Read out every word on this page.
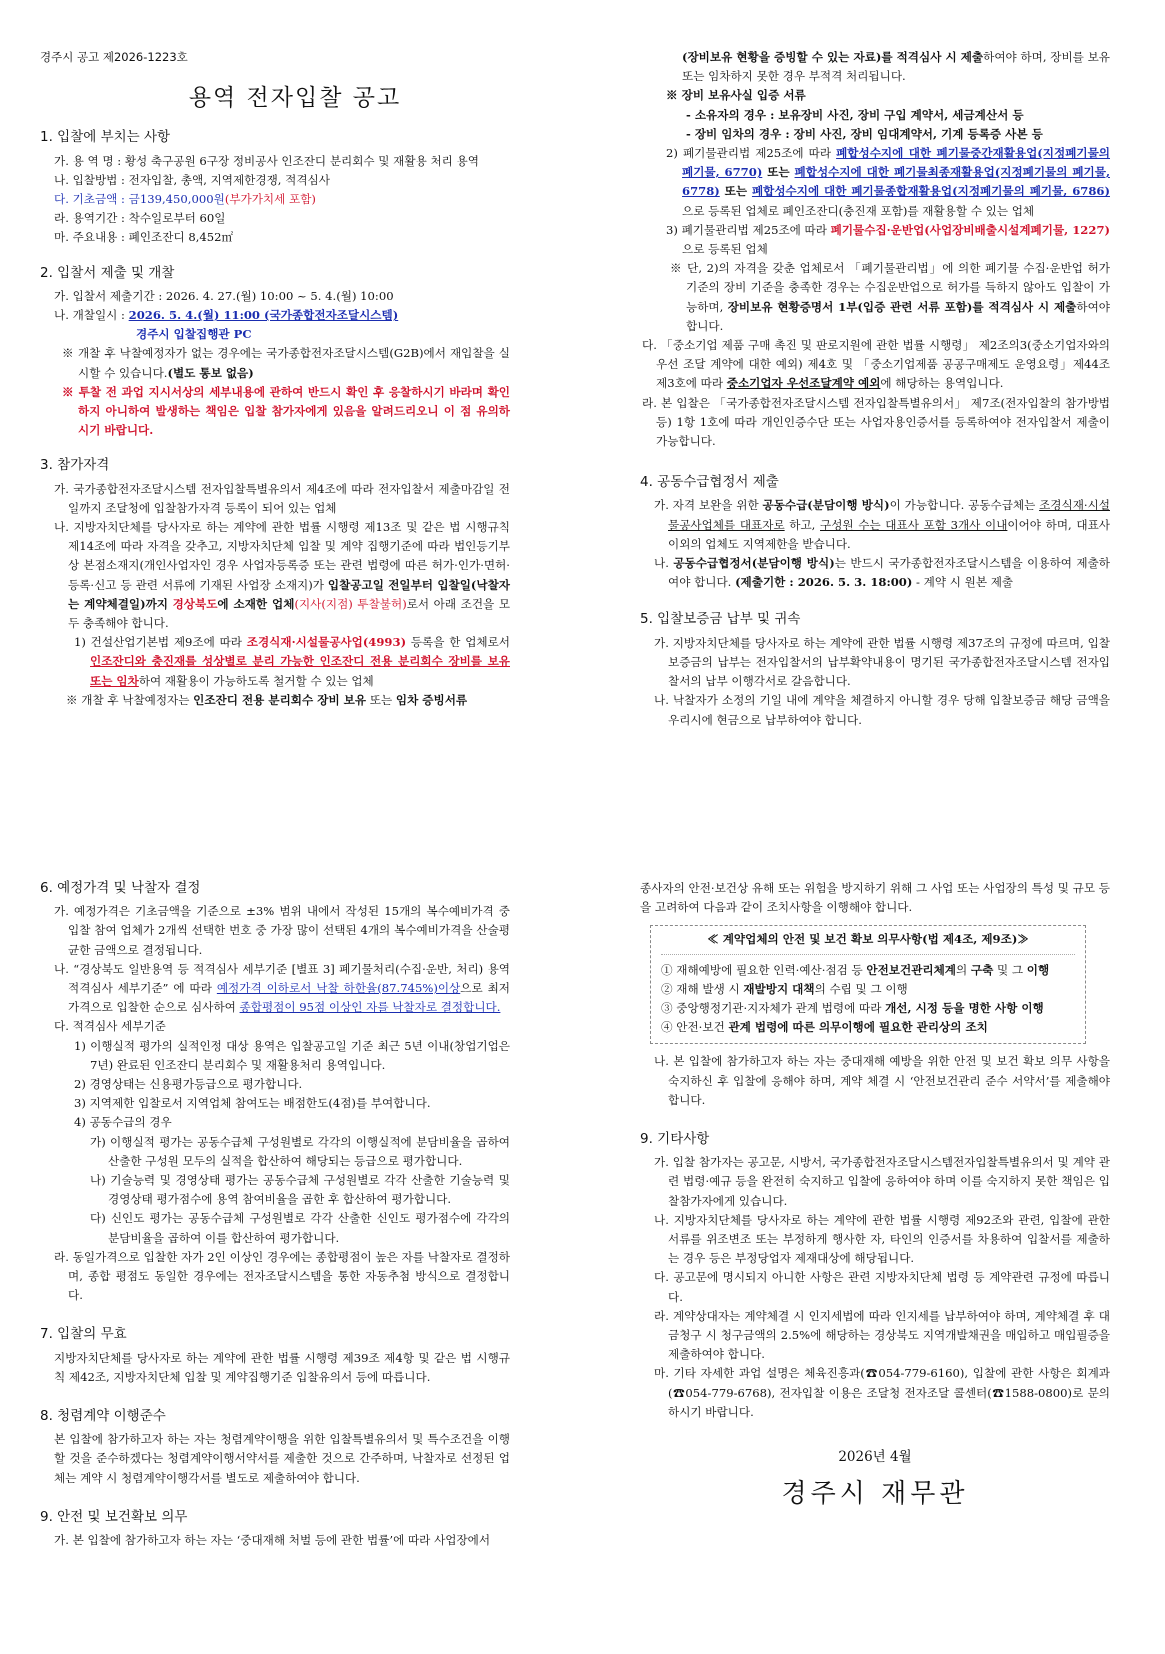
경주시 공고 제2026-1223호

용역 전자입찰 공고

1. 입찰에 부치는 사항

가. 용 역 명 : 황성 축구공원 6구장 정비공사 인조잔디 분리회수 및 재활용 처리 용역

나. 입찰방법 : 전자입찰, 총액, 지역제한경쟁, 적격심사

다. 기초금액 : 금139,450,000원(부가가치세 포함)

라. 용역기간 : 착수일로부터 60일

마. 주요내용 : 폐인조잔디 8,452㎡

2. 입찰서 제출 및 개찰

가. 입찰서 제출기간 : 2026. 4. 27.(월) 10:00 ~ 5. 4.(월) 10:00

나. 개찰일시 : 2026. 5. 4.(월) 11:00 (국가종합전자조달시스템)

경주시 입찰집행관 PC

※ 개찰 후 낙찰예정자가 없는 경우에는 국가종합전자조달시스템(G2B)에서 재입찰을 실시할 수 있습니다.(별도 통보 없음)

※ 투찰 전 과업 지시서상의 세부내용에 관하여 반드시 확인 후 응찰하시기 바라며 확인하지 아니하여 발생하는 책임은 입찰 참가자에게 있음을 알려드리오니 이 점 유의하시기 바랍니다.

3. 참가자격

가. 국가종합전자조달시스템 전자입찰특별유의서 제4조에 따라 전자입찰서 제출마감일 전일까지 조달청에 입찰참가자격 등록이 되어 있는 업체

나. 지방자치단체를 당사자로 하는 계약에 관한 법률 시행령 제13조 및 같은 법 시행규칙 제14조에 따라 자격을 갖추고, 지방자치단체 입찰 및 계약 집행기준에 따라 법인등기부상 본점소재지(개인사업자인 경우 사업자등록증 또는 관련 법령에 따른 허가·인가·면허·등록·신고 등 관련 서류에 기재된 사업장 소재지)가 입찰공고일 전일부터 입찰일(낙찰자는 계약체결일)까지 경상북도에 소재한 업체(지사(지점) 투찰불허)로서 아래 조건을 모두 충족해야 합니다.

1) 건설산업기본법 제9조에 따라 조경식재·시설물공사업(4993) 등록을 한 업체로서 인조잔디와 충진재를 성상별로 분리 가능한 인조잔디 전용 분리회수 장비를 보유 또는 임차하여 재활용이 가능하도록 철거할 수 있는 업체

※ 개찰 후 낙찰예정자는 인조잔디 전용 분리회수 장비 보유 또는 임차 증빙서류

(장비보유 현황을 증빙할 수 있는 자료)를 적격심사 시 제출하여야 하며, 장비를 보유 또는 임차하지 못한 경우 부적격 처리됩니다.

※ 장비 보유사실 입증 서류

- 소유자의 경우 : 보유장비 사진, 장비 구입 계약서, 세금계산서 등

- 장비 임차의 경우 : 장비 사진, 장비 임대계약서, 기계 등록증 사본 등

2) 폐기물관리법 제25조에 따라 폐합성수지에 대한 폐기물중간재활용업(지정폐기물의 폐기물, 6770) 또는 폐합성수지에 대한 폐기물최종재활용업(지정폐기물의 폐기물, 6778) 또는 폐합성수지에 대한 폐기물종합재활용업(지정폐기물의 폐기물, 6786)으로 등록된 업체로 폐인조잔디(충진재 포함)를 재활용할 수 있는 업체

3) 폐기물관리법 제25조에 따라 폐기물수집·운반업(사업장비배출시설계폐기물, 1227)으로 등록된 업체

※ 단, 2)의 자격을 갖춘 업체로서 「폐기물관리법」에 의한 폐기물 수집·운반업 허가 기준의 장비 기준을 충족한 경우는 수집운반업으로 허가를 득하지 않아도 입찰이 가능하며, 장비보유 현황증명서 1부(입증 관련 서류 포함)를 적격심사 시 제출하여야 합니다.

다. 「중소기업 제품 구매 촉진 및 판로지원에 관한 법률 시행령」 제2조의3(중소기업자와의 우선 조달 계약에 대한 예외) 제4호 및 「중소기업제품 공공구매제도 운영요령」제44조 제3호에 따라 중소기업자 우선조달계약 예외에 해당하는 용역입니다.

라. 본 입찰은 「국가종합전자조달시스템 전자입찰특별유의서」 제7조(전자입찰의 참가방법 등) 1항 1호에 따라 개인인증수단 또는 사업자용인증서를 등록하여야 전자입찰서 제출이 가능합니다.

4. 공동수급협정서 제출

가. 자격 보완을 위한 공동수급(분담이행 방식)이 가능합니다. 공동수급체는 조경식재·시설물공사업체를 대표자로 하고, 구성원 수는 대표사 포함 3개사 이내이어야 하며, 대표사 이외의 업체도 지역제한을 받습니다.

나. 공동수급협정서(분담이행 방식)는 반드시 국가종합전자조달시스템을 이용하여 제출하여야 합니다. (제출기한 : 2026. 5. 3. 18:00) - 계약 시 원본 제출

5. 입찰보증금 납부 및 귀속

가. 지방자치단체를 당사자로 하는 계약에 관한 법률 시행령 제37조의 규정에 따르며, 입찰보증금의 납부는 전자입찰서의 납부확약내용이 명기된 국가종합전자조달시스템 전자입찰서의 납부 이행각서로 갈음합니다.

나. 낙찰자가 소정의 기일 내에 계약을 체결하지 아니할 경우 당해 입찰보증금 해당 금액을 우리시에 현금으로 납부하여야 합니다.

6. 예정가격 및 낙찰자 결정

가. 예정가격은 기초금액을 기준으로 ±3% 범위 내에서 작성된 15개의 복수예비가격 중 입찰 참여 업체가 2개씩 선택한 번호 중 가장 많이 선택된 4개의 복수예비가격을 산술평균한 금액으로 결정됩니다.

나. “경상북도 일반용역 등 적격심사 세부기준 [별표 3] 폐기물처리(수집·운반, 처리) 용역 적격심사 세부기준” 에 따라 예정가격 이하로서 낙찰 하한율(87.745%)이상으로 최저가격으로 입찰한 순으로 심사하여 종합평점이 95점 이상인 자를 낙찰자로 결정합니다.

다. 적격심사 세부기준

1) 이행실적 평가의 실적인정 대상 용역은 입찰공고일 기준 최근 5년 이내(창업기업은 7년) 완료된 인조잔디 분리회수 및 재활용처리 용역입니다.

2) 경영상태는 신용평가등급으로 평가합니다.

3) 지역제한 입찰로서 지역업체 참여도는 배점한도(4점)를 부여합니다.

4) 공동수급의 경우

가) 이행실적 평가는 공동수급체 구성원별로 각각의 이행실적에 분담비율을 곱하여 산출한 구성원 모두의 실적을 합산하여 해당되는 등급으로 평가합니다.

나) 기술능력 및 경영상태 평가는 공동수급체 구성원별로 각각 산출한 기술능력 및 경영상태 평가점수에 용역 참여비율을 곱한 후 합산하여 평가합니다.

다) 신인도 평가는 공동수급체 구성원별로 각각 산출한 신인도 평가점수에 각각의 분담비율을 곱하여 이를 합산하여 평가합니다.

라. 동일가격으로 입찰한 자가 2인 이상인 경우에는 종합평점이 높은 자를 낙찰자로 결정하며, 종합 평점도 동일한 경우에는 전자조달시스템을 통한 자동추첨 방식으로 결정합니다.

7. 입찰의 무효

지방자치단체를 당사자로 하는 계약에 관한 법률 시행령 제39조 제4항 및 같은 법 시행규칙 제42조, 지방자치단체 입찰 및 계약집행기준 입찰유의서 등에 따릅니다.

8. 청렴계약 이행준수

본 입찰에 참가하고자 하는 자는 청렴계약이행을 위한 입찰특별유의서 및 특수조건을 이행할 것을 준수하겠다는 청렴계약이행서약서를 제출한 것으로 간주하며, 낙찰자로 선정된 업체는 계약 시 청렴계약이행각서를 별도로 제출하여야 합니다.

9. 안전 및 보건확보 의무

가. 본 입찰에 참가하고자 하는 자는 ‘중대재해 처벌 등에 관한 법률’에 따라 사업장에서

종사자의 안전·보건상 유해 또는 위험을 방지하기 위해 그 사업 또는 사업장의 특성 및 규모 등을 고려하여 다음과 같이 조치사항을 이행해야 합니다.

≪ 계약업체의 안전 및 보건 확보 의무사항(법 제4조, 제9조)≫

① 재해예방에 필요한 인력·예산·점검 등 안전보건관리체계의 구축 및 그 이행

② 재해 발생 시 재발방지 대책의 수립 및 그 이행

③ 중앙행정기관·지자체가 관계 법령에 따라 개선, 시정 등을 명한 사항 이행

④ 안전·보건 관계 법령에 따른 의무이행에 필요한 관리상의 조치

나. 본 입찰에 참가하고자 하는 자는 중대재해 예방을 위한 안전 및 보건 확보 의무 사항을 숙지하신 후 입찰에 응해야 하며, 계약 체결 시 ‘안전보건관리 준수 서약서’를 제출해야 합니다.

9. 기타사항

가. 입찰 참가자는 공고문, 시방서, 국가종합전자조달시스템전자입찰특별유의서 및 계약 관련 법령·예규 등을 완전히 숙지하고 입찰에 응하여야 하며 이를 숙지하지 못한 책임은 입찰참가자에게 있습니다.

나. 지방자치단체를 당사자로 하는 계약에 관한 법률 시행령 제92조와 관련, 입찰에 관한 서류를 위조변조 또는 부정하게 행사한 자, 타인의 인증서를 차용하여 입찰서를 제출하는 경우 등은 부정당업자 제재대상에 해당됩니다.

다. 공고문에 명시되지 아니한 사항은 관련 지방자치단체 법령 등 계약관련 규정에 따릅니다.

라. 계약상대자는 계약체결 시 인지세법에 따라 인지세를 납부하여야 하며, 계약체결 후 대금청구 시 청구금액의 2.5%에 해당하는 경상북도 지역개발채권을 매입하고 매입필증을 제출하여야 합니다.

마. 기타 자세한 과업 설명은 체육진흥과(☎054-779-6160), 입찰에 관한 사항은 회계과(☎054-779-6768), 전자입찰 이용은 조달청 전자조달 콜센터(☎1588-0800)로 문의하시기 바랍니다.

2026년 4월

경주시 재무관
